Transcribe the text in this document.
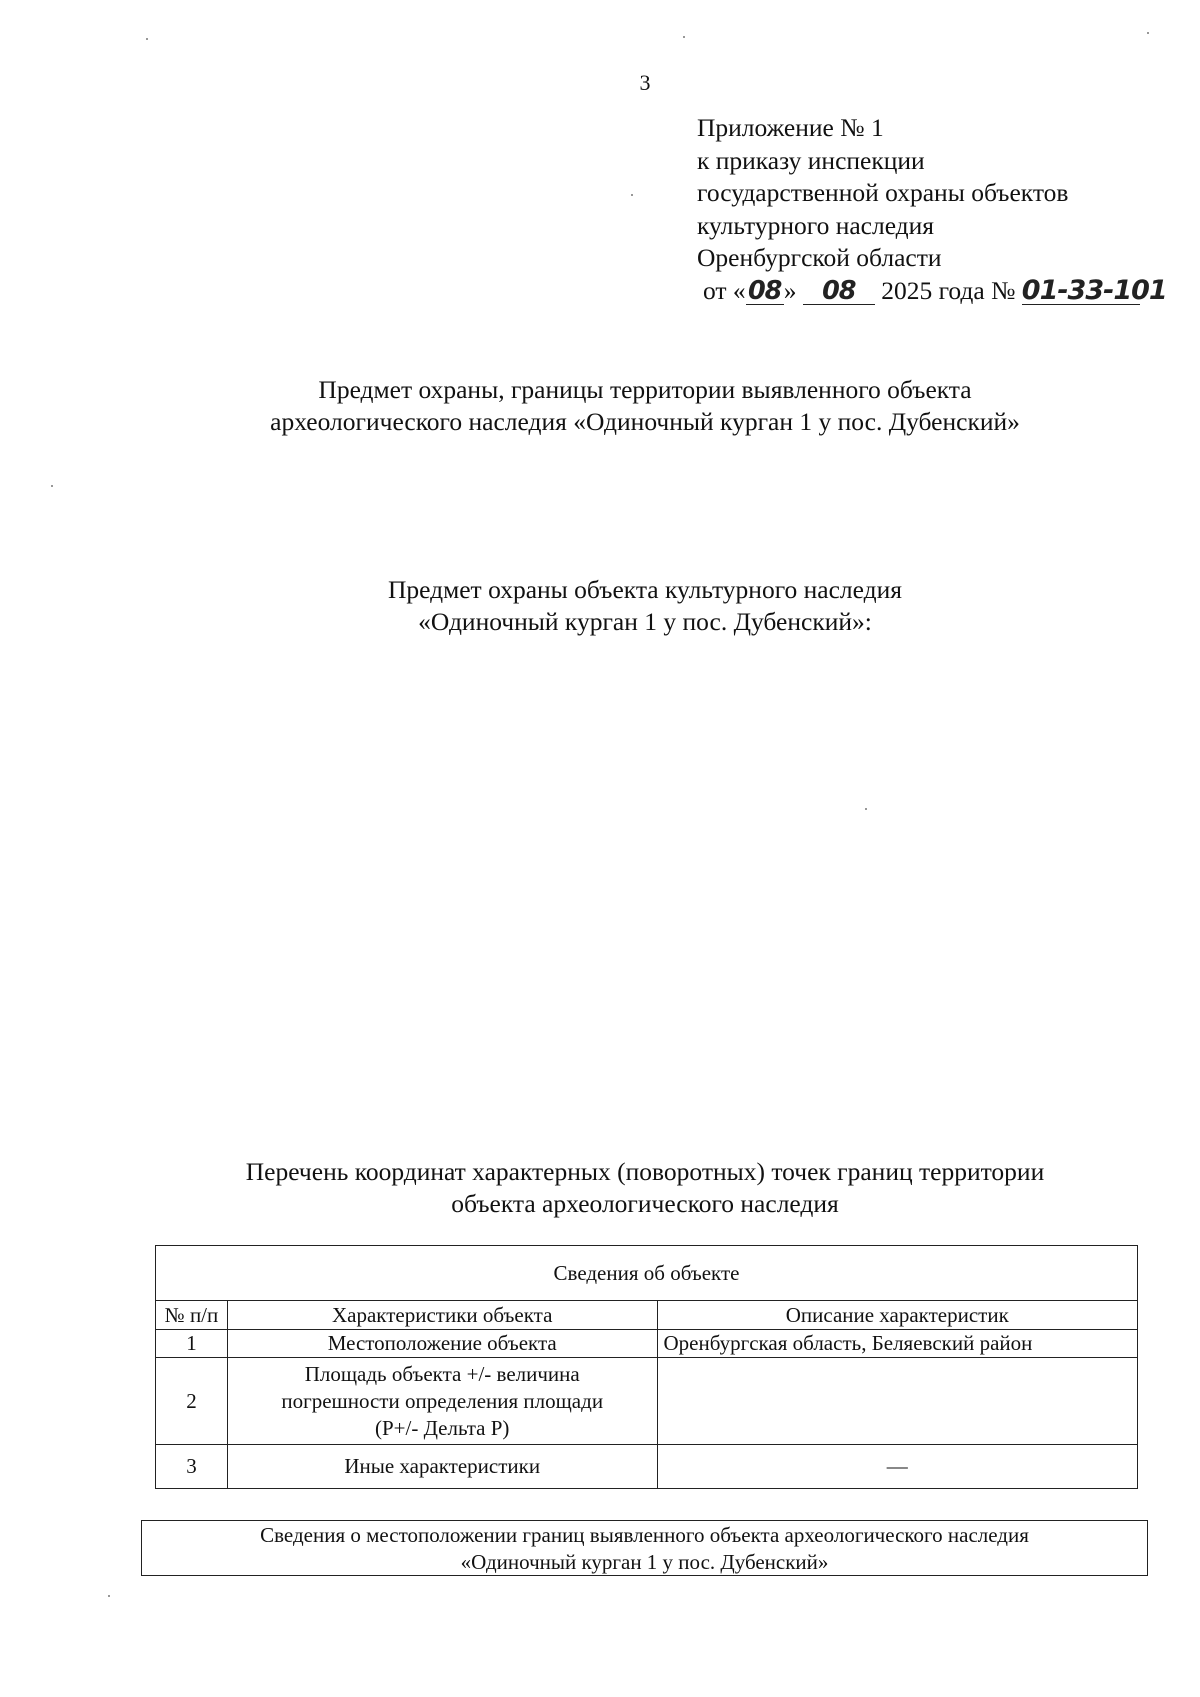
3
Приложение № 1
к приказу инспекции
государственной охраны объектов
культурного наследия
Оренбургской области
от «08» 08 2025 года № 01-33-101
Предмет охраны, границы территории выявленного объекта
археологического наследия «Одиночный курган 1 у пос. Дубенский»
Предмет охраны объекта культурного наследия
«Одиночный курган 1 у пос. Дубенский»:
Перечень координат характерных (поворотных) точек границ территории
объекта археологического наследия
Сведения об объекте		
№ п/п	Характеристики объекта	Описание характеристик
1	Местоположение объекта	Оренбургская область, Беляевский район
2	Площадь объекта +/- величина
погрешности определения площади
(Р+/- Дельта Р)	

3	Иные характеристики	—
Сведения о местоположении границ выявленного объекта археологического наследия
«Одиночный курган 1 у пос. Дубенский»
